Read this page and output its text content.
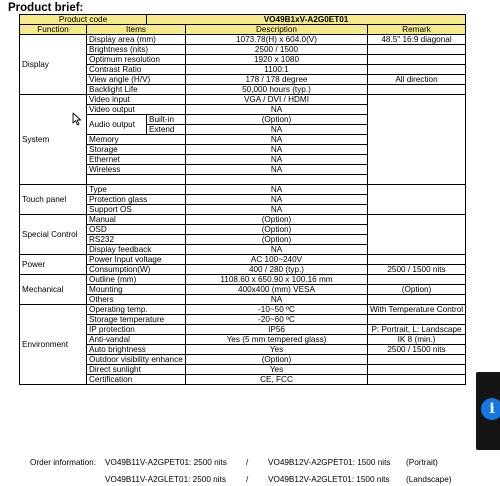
Product brief:
Product code		VO49B1xV-A2G0ET01		
Function	Items		Description	Remark
Display	Display area (mm)		1073.78(H) x 604.0(V)	48.5" 16:9 diagonal
	Brightness (nits)		2500 / 1500	
	Optimum resolution		1920 x 1080	
	Contrast Ratio		1100:1	
	View angle (H/V)		178 / 178 degree	All direction
	Backlight Life		50,000 hours (typ.)	
System	Video input		VGA / DVI / HDMI	
	Video output		NA	
	Audio output	Built-in	(Option)	
		Extend	NA	
	Memory		NA	
	Storage		NA	
	Ethernet		NA	
	Wireless		NA	

Touch panel	Type		NA	
	Protection glass		NA	
	Support OS		NA	
Special Control	Manual		(Option)	
	OSD		(Option)	
	RS232		(Option)	
	Display feedback		NA	
Power	Power Input voltage		AC 100~240V	
	Consumption(W)		400 / 280 (typ.)	2500 / 1500 nits
Mechanical	Outline (mm)		1108.60 x 650.90 x 100.16 mm	
	Mounting		400x400 (mm) VESA	(Option)
	Others		NA	
Environment	Operating temp.		-10~50 ºC	With Temperature Control
	Storage temperature		-20~60 ºC	
	IP protection		IP56	P: Portrait, L: Landscape
	Anti-vandal		Yes (5 mm tempered glass)	IK 8 (min.)
	Auto brightness		Yes	2500 / 1500 nits
	Outdoor visibility enhance		(Option)	
	Direct sunlight		Yes	
	Certification		CE, FCC	
Order information: VO49B11V-A2GPET01: 2500 nits / VO49B12V-A2GPET01: 1500 nits (Portrait)
VO49B11V-A2GLET01: 2500 nits / VO49B12V-A2GLET01: 1500 nits (Landscape)
i
